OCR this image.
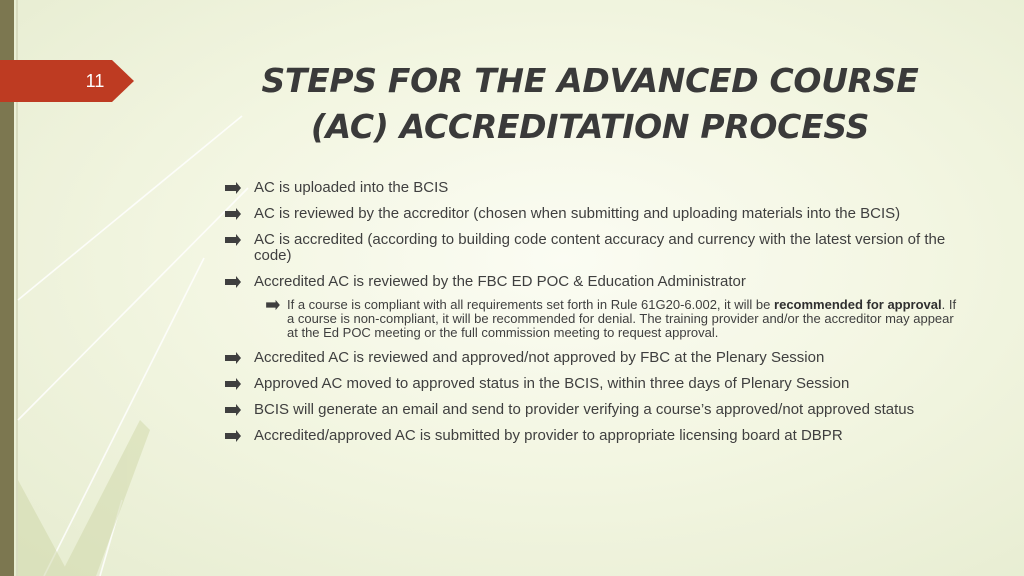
11	STEPS FOR THE ADVANCED COURSE
(AC) ACCREDITATION PROCESS
AC is uploaded into the BCIS
AC is reviewed by the accreditor (chosen when submitting and uploading materials into the BCIS)
AC is accredited (according to building code content accuracy and currency with the latest version of the code)
Accredited AC is reviewed by the FBC ED POC & Education Administrator
If a course is compliant with all requirements set forth in Rule 61G20-6.002, it will be recommended for approval. If a course is non-compliant, it will be recommended for denial. The training provider and/or the accreditor may appear at the Ed POC meeting or the full commission meeting to request approval.
Accredited AC is reviewed and approved/not approved by FBC at the Plenary Session
Approved AC moved to approved status in the BCIS, within three days of Plenary Session
BCIS will generate an email and send to provider verifying a course’s approved/not approved status
Accredited/approved AC is submitted by provider to appropriate licensing board at DBPR
